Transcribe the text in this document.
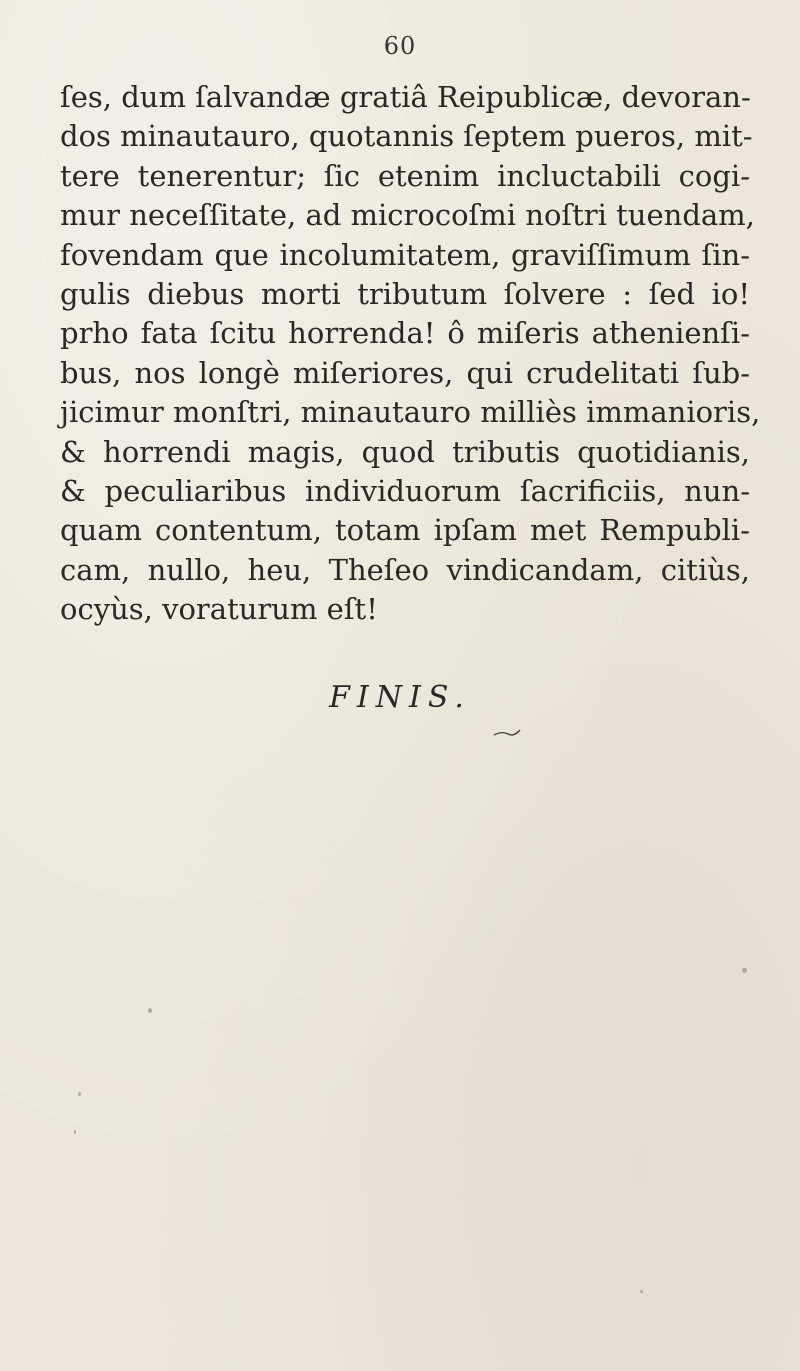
60
ſes, dum ſalvandæ gratiâ Reipublicæ, devoran-
dos minautauro, quotannis ſeptem pueros, mit-
tere tenerentur; ſic etenim incluctabili cogi-
mur neceſſitate, ad microcoſmi noſtri tuendam,
fovendam que incolumitatem, graviſſimum ſin-
gulis diebus morti tributum ſolvere : ſed io!
prho fata ſcitu horrenda! ô miſeris athenienſi-
bus, nos longè miſeriores, qui crudelitati ſub-
jicimur monſtri, minautauro milliès immanioris,
& horrendi magis, quod tributis quotidianis,
& peculiaribus individuorum ſacrificiis, nun-
quam contentum, totam ipſam met Rempubli-
cam, nullo, heu, Theſeo vindicandam, citiùs,
ocyùs, voraturum eſt!
FINIS.
